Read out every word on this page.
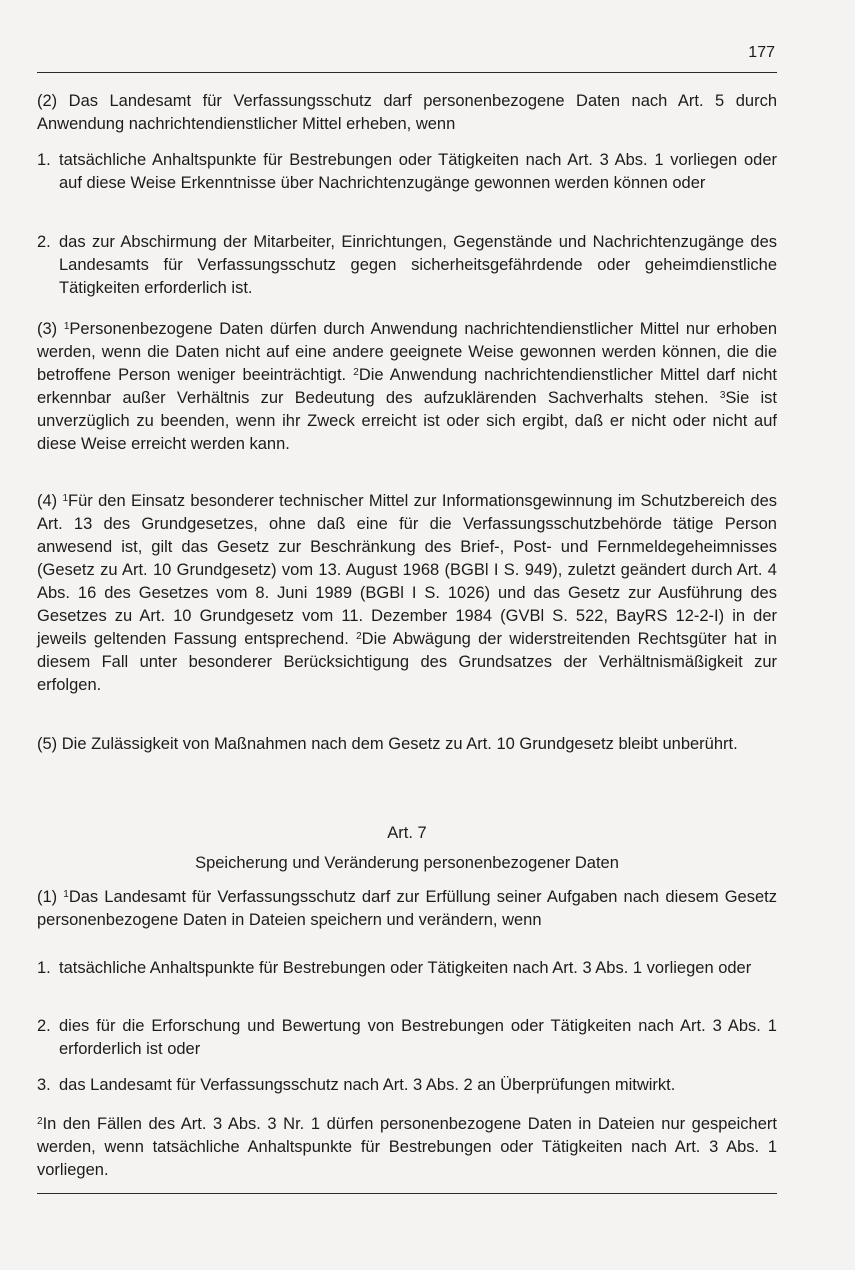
177

(2) Das Landesamt für Verfassungsschutz darf personenbezogene Daten nach Art. 5 durch Anwendung nachrichtendienstlicher Mittel erheben, wenn

1. tatsächliche Anhaltspunkte für Bestrebungen oder Tätigkeiten nach Art. 3 Abs. 1 vorliegen oder auf diese Weise Erkenntnisse über Nachrichtenzugänge gewonnen werden können oder
2. das zur Abschirmung der Mitarbeiter, Einrichtungen, Gegenstände und Nachrichtenzugänge des Landesamts für Verfassungsschutz gegen sicherheitsgefährdende oder geheimdienstliche Tätigkeiten erforderlich ist.

(3) $^1$Personenbezogene Daten dürfen durch Anwendung nachrichtendienstlicher Mittel nur erhoben werden, wenn die Daten nicht auf eine andere geeignete Weise gewonnen werden können, die die betroffene Person weniger beeinträchtigt. $^2$Die Anwendung nachrichtendienstlicher Mittel darf nicht erkennbar außer Verhältnis zur Bedeutung des aufzuklärenden Sachverhalts stehen. $^3$Sie ist unverzüglich zu beenden, wenn ihr Zweck erreicht ist oder sich ergibt, daß er nicht oder nicht auf diese Weise erreicht werden kann.

(4) $^1$Für den Einsatz besonderer technischer Mittel zur Informationsgewinnung im Schutzbereich des Art. 13 des Grundgesetzes, ohne daß eine für die Verfassungsschutzbehörde tätige Person anwesend ist, gilt das Gesetz zur Beschränkung des Brief-, Post- und Fernmeldegeheimnisses (Gesetz zu Art. 10 Grundgesetz) vom 13. August 1968 (BGBl I S. 949), zuletzt geändert durch Art. 4 Abs. 16 des Gesetzes vom 8. Juni 1989 (BGBl I S. 1026) und das Gesetz zur Ausführung des Gesetzes zu Art. 10 Grundgesetz vom 11. Dezember 1984 (GVBl S. 522, BayRS 12-2-I) in der jeweils geltenden Fassung entsprechend. $^2$Die Abwägung der widerstreitenden Rechtsgüter hat in diesem Fall unter besonderer Berücksichtigung des Grundsatzes der Verhältnismäßigkeit zur erfolgen.

(5) Die Zulässigkeit von Maßnahmen nach dem Gesetz zu Art. 10 Grundgesetz bleibt unberührt.

Art. 7
Speicherung und Veränderung personenbezogener Daten

(1) $^1$Das Landesamt für Verfassungsschutz darf zur Erfüllung seiner Aufgaben nach diesem Gesetz personenbezogene Daten in Dateien speichern und verändern, wenn

1. tatsächliche Anhaltspunkte für Bestrebungen oder Tätigkeiten nach Art. 3 Abs. 1 vorliegen oder
2. dies für die Erforschung und Bewertung von Bestrebungen oder Tätigkeiten nach Art. 3 Abs. 1 erforderlich ist oder
3. das Landesamt für Verfassungsschutz nach Art. 3 Abs. 2 an Überprüfungen mitwirkt.

$^2$In den Fällen des Art. 3 Abs. 3 Nr. 1 dürfen personenbezogene Daten in Dateien nur gespeichert werden, wenn tatsächliche Anhaltspunkte für Bestrebungen oder Tätigkeiten nach Art. 3 Abs. 1 vorliegen.
